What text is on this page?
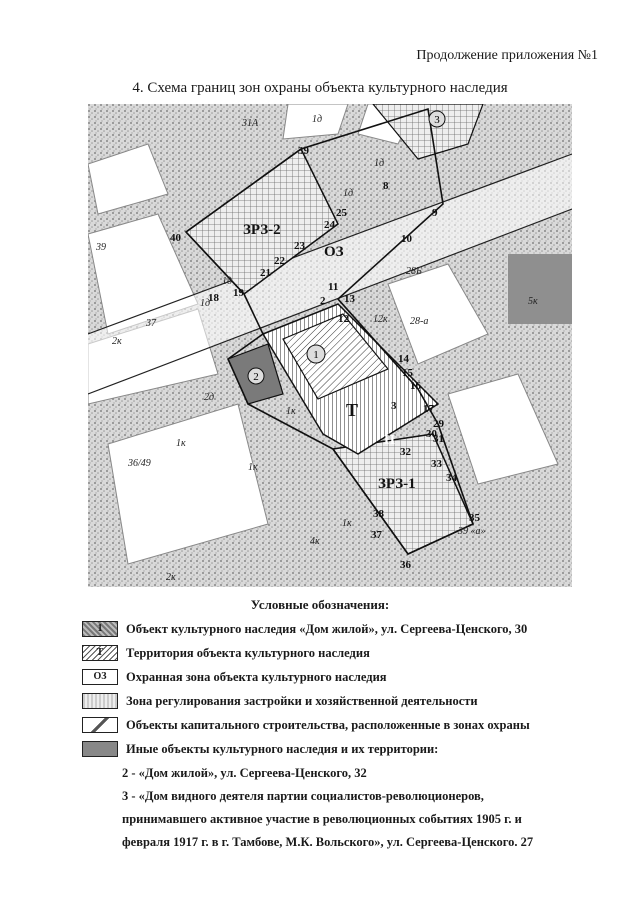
Продолжение приложения №1
4. Схема границ зон охраны объекта культурного наследия
1
2
3
ЗРЗ-2
ОЗ
ЗРЗ-1
Т
Н
2
3
8
9
10
11
12
13
14
15
16
17
18 19
21
22
23
24
25
29
30
31
32
33
34
35
36
37
38
39
40
31А	1д
1д
1д
1д
1д
28Б
28-а
5к
12к
2к
37
39
2д
1к
1к
36/49	1к
1к
39 «а»
2к
4к
Условные обозначения:
1	Объект культурного наследия «Дом жилой», ул. Сергеева-Ценского, 30
Т	Территория объекта культурного наследия
ОЗ	Охранная зона объекта культурного наследия
Зона регулирования застройки и хозяйственной деятельности
Объекты капитального строительства, расположенные в зонах охраны
Иные объекты культурного наследия и их территории:
2 - «Дом жилой», ул. Сергеева-Ценского, 32
3 - «Дом видного деятеля партии социалистов-революционеров,
принимавшего активное участие в революционных событиях 1905 г. и
февраля 1917 г. в г. Тамбове, М.К. Вольского», ул. Сергеева-Ценского. 27
